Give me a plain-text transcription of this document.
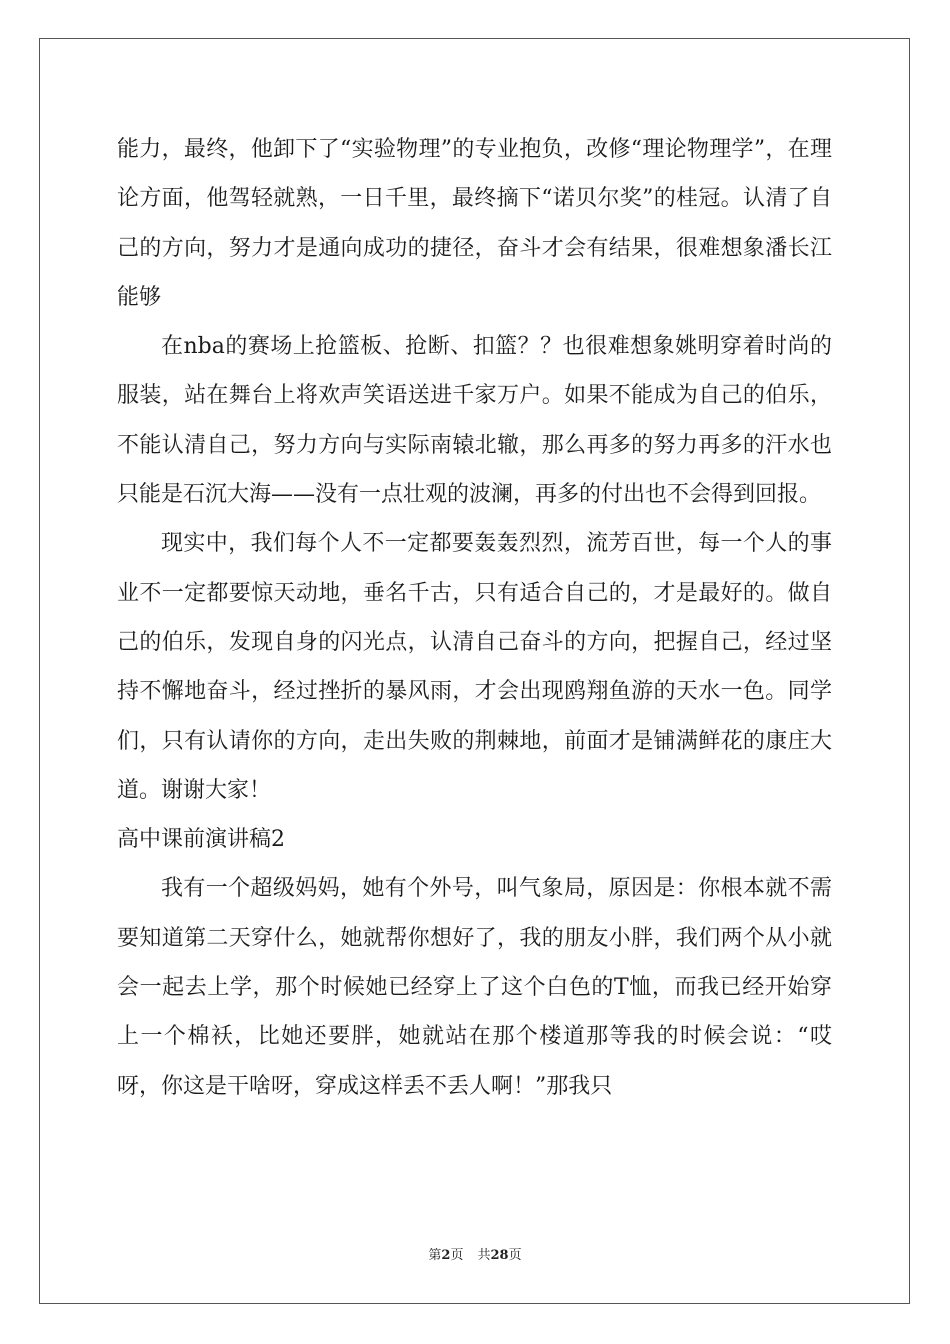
能力，最终，他卸下了“实验物理”的专业抱负，改修“理论物理学”，在理论方面，他驾轻就熟，一日千里，最终摘下“诺贝尔奖”的桂冠。认清了自己的方向，努力才是通向成功的捷径，奋斗才会有结果，很难想象潘长江能够

在nba的赛场上抢篮板、抢断、扣篮？？也很难想象姚明穿着时尚的服装，站在舞台上将欢声笑语送进千家万户。如果不能成为自己的伯乐，不能认清自己，努力方向与实际南辕北辙，那么再多的努力再多的汗水也只能是石沉大海——没有一点壮观的波澜，再多的付出也不会得到回报。

现实中，我们每个人不一定都要轰轰烈烈，流芳百世，每一个人的事业不一定都要惊天动地，垂名千古，只有适合自己的，才是最好的。做自己的伯乐，发现自身的闪光点，认清自己奋斗的方向，把握自己，经过坚持不懈地奋斗，经过挫折的暴风雨，才会出现鸥翔鱼游的天水一色。同学们，只有认请你的方向，走出失败的荆棘地，前面才是铺满鲜花的康庄大道。谢谢大家！

高中课前演讲稿2

我有一个超级妈妈，她有个外号，叫气象局，原因是：你根本就不需要知道第二天穿什么，她就帮你想好了，我的朋友小胖，我们两个从小就会一起去上学，那个时候她已经穿上了这个白色的T恤，而我已经开始穿上一个棉袄，比她还要胖，她就站在那个楼道那等我的时候会说：“哎呀，你这是干啥呀，穿成这样丢不丢人啊！”那我只

第2页 共28页
